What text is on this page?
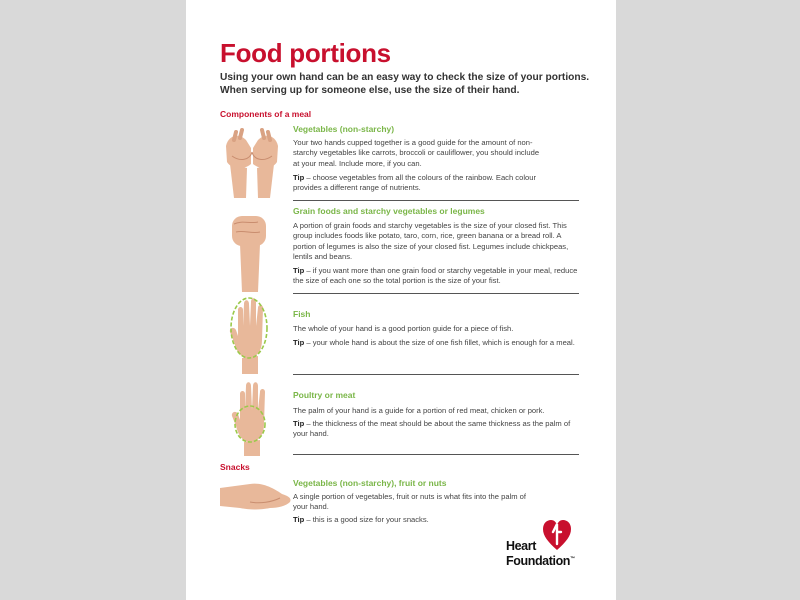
Food portions

Using your own hand can be an easy way to check the size of your portions. When serving up for someone else, use the size of their hand.

Components of a meal

Vegetables (non-starchy)

Your two hands cupped together is a good guide for the amount of non-starchy vegetables like carrots, broccoli or cauliflower, you should include at your meal. Include more, if you can.

Tip – choose vegetables from all the colours of the rainbow. Each colour provides a different range of nutrients.

Grain foods and starchy vegetables or legumes

A portion of grain foods and starchy vegetables is the size of your closed fist. This group includes foods like potato, taro, corn, rice, green banana or a bread roll. A portion of legumes is also the size of your closed fist. Legumes include chickpeas, lentils and beans.

Tip – if you want more than one grain food or starchy vegetable in your meal, reduce the size of each one so the total portion is the size of your fist.

Fish

The whole of your hand is a good portion guide for a piece of fish.

Tip – your whole hand is about the size of one fish fillet, which is enough for a meal.

Poultry or meat

The palm of your hand is a guide for a portion of red meat, chicken or pork.

Tip – the thickness of the meat should be about the same thickness as the palm of your hand.

Snacks

Vegetables (non-starchy), fruit or nuts

A single portion of vegetables, fruit or nuts is what fits into the palm of your hand.

Tip – this is a good size for your snacks.

Heart
Foundation™
